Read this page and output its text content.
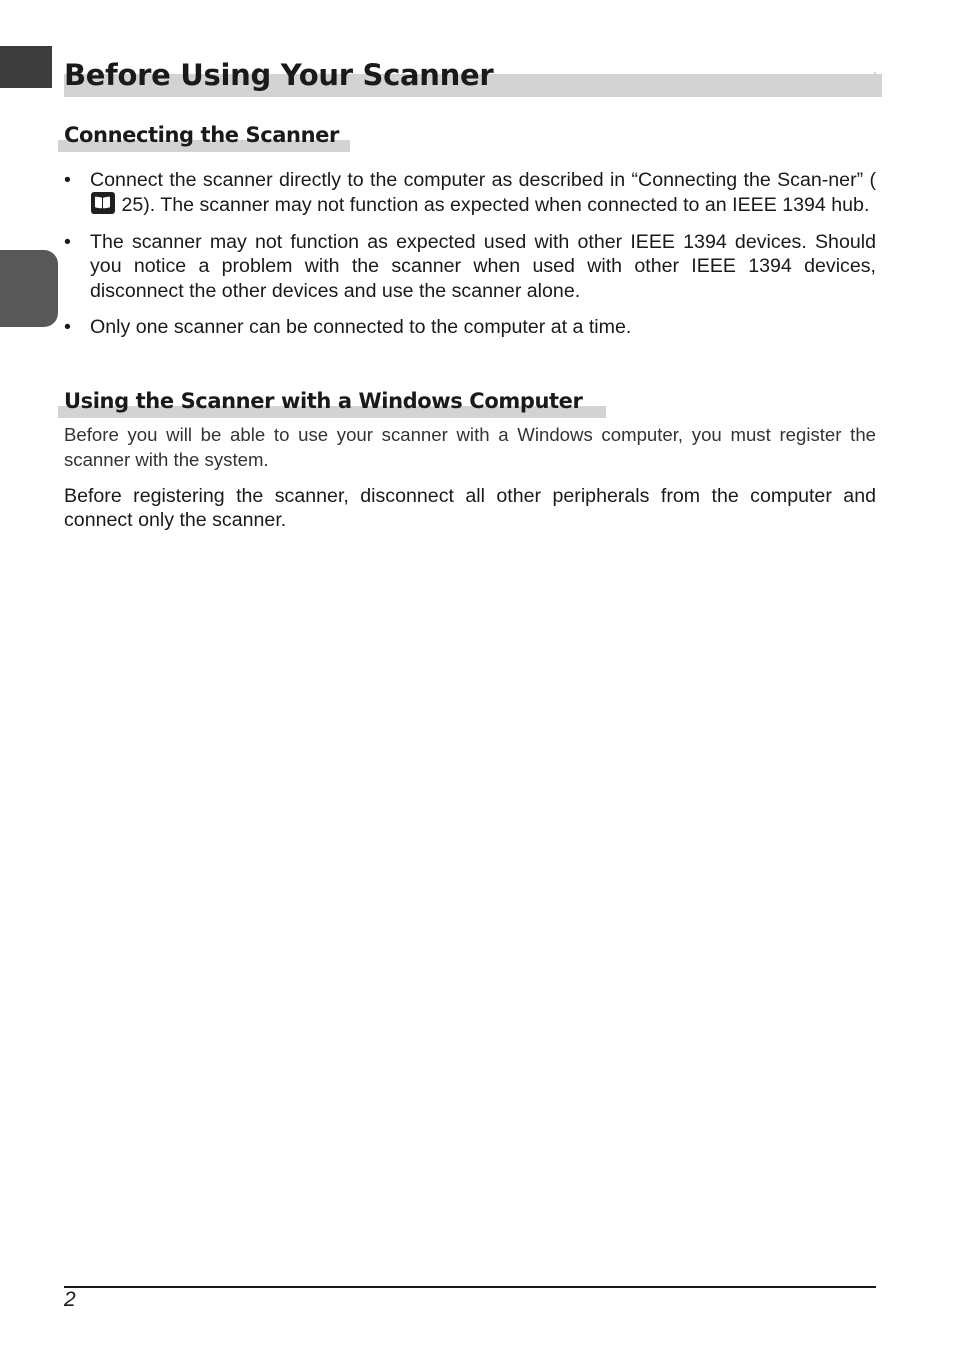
Before Using Your Scanner
Connecting the Scanner
• Connect the scanner directly to the computer as described in “Connecting the Scan-ner” ( 25). The scanner may not function as expected when connected to an IEEE 1394 hub.
• The scanner may not function as expected used with other IEEE 1394 devices. Should you notice a problem with the scanner when used with other IEEE 1394 devices, disconnect the other devices and use the scanner alone.
• Only one scanner can be connected to the computer at a time.
Using the Scanner with a Windows Computer

Before you will be able to use your scanner with a Windows computer, you must register the scanner with the system.

Before registering the scanner, disconnect all other peripherals from the computer and connect only the scanner.

2
